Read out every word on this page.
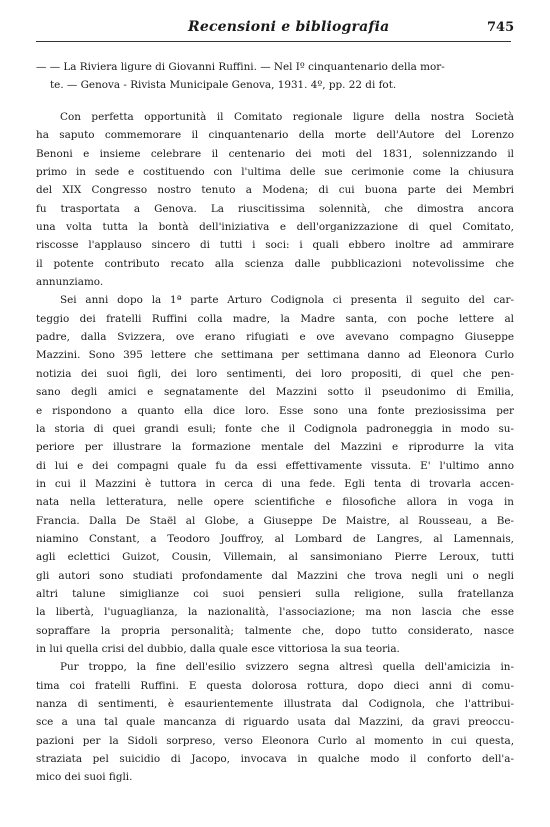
Recensioni e bibliografia	745
— — La Riviera ligure di Giovanni Ruffini. — Nel Iº cinquantenario della mor-
te. — Genova - Rivista Municipale Genova, 1931. 4º, pp. 22 di fot.
Con perfetta opportunità il Comitato regionale ligure della nostra Società
ha saputo commemorare il cinquantenario della morte dell'Autore del Lorenzo
Benoni e insieme celebrare il centenario dei moti del 1831, solennizzando il
primo in sede e costituendo con l'ultima delle sue cerimonie come la chiusura
del XIX Congresso nostro tenuto a Modena; di cui buona parte dei Membri
fu trasportata a Genova. La riuscitissima solennità, che dimostra ancora
una volta tutta la bontà dell'iniziativa e dell'organizzazione di quel Comitato,
riscosse l'applauso sincero di tutti i soci: i quali ebbero inoltre ad ammirare
il potente contributo recato alla scienza dalle pubblicazioni notevolissime che
annunziamo.
Sei anni dopo la 1ª parte Arturo Codignola ci presenta il seguito del car-
teggio dei fratelli Ruffini colla madre, la Madre santa, con poche lettere al
padre, dalla Svizzera, ove erano rifugiati e ove avevano compagno Giuseppe
Mazzini. Sono 395 lettere che settimana per settimana danno ad Eleonora Curlo
notizia dei suoi figli, dei loro sentimenti, dei loro propositi, di quel che pen-
sano degli amici e segnatamente del Mazzini sotto il pseudonimo di Emilia,
e rispondono a quanto ella dice loro. Esse sono una fonte preziosissima per
la storia di quei grandi esuli; fonte che il Codignola padroneggia in modo su-
periore per illustrare la formazione mentale del Mazzini e riprodurre la vita
di lui e dei compagni quale fu da essi effettivamente vissuta. E' l'ultimo anno
in cui il Mazzini è tuttora in cerca di una fede. Egli tenta di trovarla accen-
nata nella letteratura, nelle opere scientifiche e filosofiche allora in voga in
Francia. Dalla De Staël al Globe, a Giuseppe De Maistre, al Rousseau, a Be-
niamino Constant, a Teodoro Jouffroy, al Lombard de Langres, al Lamennais,
agli eclettici Guizot, Cousin, Villemain, al sansimoniano Pierre Leroux, tutti
gli autori sono studiati profondamente dal Mazzini che trova negli uni o negli
altri talune simiglianze coi suoi pensieri sulla religione, sulla fratellanza
la libertà, l'uguaglianza, la nazionalità, l'associazione; ma non lascia che esse
sopraffare la propria personalità; talmente che, dopo tutto considerato, nasce
in lui quella crisi del dubbio, dalla quale esce vittoriosa la sua teoria.
Pur troppo, la fine dell'esilio svizzero segna altresì quella dell'amicizia in-
tima coi fratelli Ruffini. E questa dolorosa rottura, dopo dieci anni di comu-
nanza di sentimenti, è esaurientemente illustrata dal Codignola, che l'attribui-
sce a una tal quale mancanza di riguardo usata dal Mazzini, da gravi preoccu-
pazioni per la Sidoli sorpreso, verso Eleonora Curlo al momento in cui questa,
straziata pel suicidio di Jacopo, invocava in qualche modo il conforto dell'a-
mico dei suoi figli.
